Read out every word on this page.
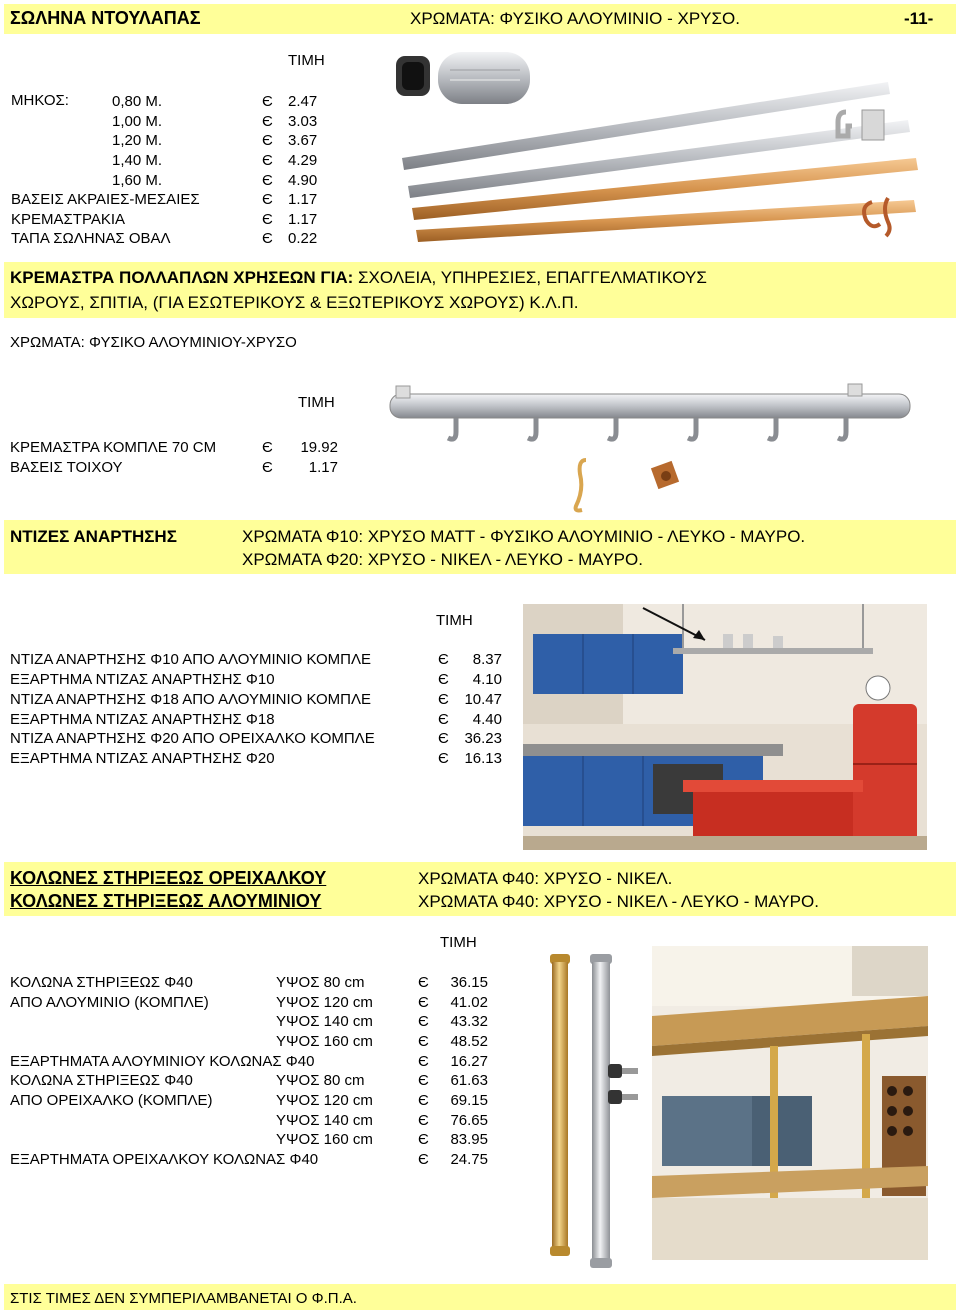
ΣΩΛΗΝΑ ΝΤΟΥΛΑΠΑΣ	ΧΡΩΜΑΤΑ: ΦΥΣΙΚΟ ΑΛΟΥΜΙΝΙΟ - ΧΡΥΣΟ.	-11-
ΤΙΜΗ
ΜΗΚΟΣ:	0,80 Μ.	Є 2.47
1,00 Μ.	Є 3.03
1,20 Μ.	Є 3.67
1,40 Μ.	Є 4.29
1,60 Μ.	Є 4.90
ΒΑΣΕΙΣ ΑΚΡΑΙΕΣ-ΜΕΣΑΙΕΣ	Є 1.17
ΚΡΕΜΑΣΤΡΑΚΙΑ	Є 1.17
ΤΑΠΑ ΣΩΛΗΝΑΣ ΟΒΑΛ	Є 0.22
ΚΡΕΜΑΣΤΡΑ ΠΟΛΛΑΠΛΩΝ ΧΡΗΣΕΩΝ ΓΙΑ: ΣΧΟΛΕΙΑ, ΥΠΗΡΕΣΙΕΣ, ΕΠΑΓΓΕΛΜΑΤΙΚΟΥΣ
ΧΩΡΟΥΣ, ΣΠΙΤΙΑ, (ΓΙΑ ΕΣΩΤΕΡΙΚΟΥΣ & ΕΞΩΤΕΡΙΚΟΥΣ ΧΩΡΟΥΣ) Κ.Λ.Π.
ΧΡΩΜΑΤΑ: ΦΥΣΙΚΟ ΑΛΟΥΜΙΝΙΟΥ-ΧΡΥΣΟ
ΤΙΜΗ
ΚΡΕΜΑΣΤΡΑ ΚΟΜΠΛΕ 70 CM	Є	19.92
ΒΑΣΕΙΣ ΤΟΙΧΟΥ	Є	1.17
ΝΤΙΖΕΣ ΑΝΑΡΤΗΣΗΣ	ΧΡΩΜΑΤΑ Φ10: ΧΡΥΣΟ ΜΑΤΤ - ΦΥΣΙΚΟ ΑΛΟΥΜΙΝΙΟ - ΛΕΥΚΟ - ΜΑΥΡΟ.
ΧΡΩΜΑΤΑ Φ20: ΧΡΥΣΟ - ΝΙΚΕΛ - ΛΕΥΚΟ - ΜΑΥΡΟ.
ΤΙΜΗ
ΝΤΙΖΑ ΑΝΑΡΤΗΣΗΣ Φ10 ΑΠΟ ΑΛΟΥΜΙΝΙΟ ΚΟΜΠΛΕ	Є	8.37
ΕΞΑΡΤΗΜΑ ΝΤΙΖΑΣ ΑΝΑΡΤΗΣΗΣ Φ10	Є	4.10
ΝΤΙΖΑ ΑΝΑΡΤΗΣΗΣ Φ18 ΑΠΟ ΑΛΟΥΜΙΝΙΟ ΚΟΜΠΛΕ	Є	10.47
ΕΞΑΡΤΗΜΑ ΝΤΙΖΑΣ ΑΝΑΡΤΗΣΗΣ Φ18	Є	4.40
ΝΤΙΖΑ ΑΝΑΡΤΗΣΗΣ Φ20 ΑΠΟ ΟΡΕΙΧΑΛΚΟ ΚΟΜΠΛΕ	Є	36.23
ΕΞΑΡΤΗΜΑ ΝΤΙΖΑΣ ΑΝΑΡΤΗΣΗΣ Φ20	Є	16.13
ΚΟΛΩΝΕΣ ΣΤΗΡΙΞΕΩΣ ΟΡΕΙΧΑΛΚΟΥ
ΚΟΛΩΝΕΣ ΣΤΗΡΙΞΕΩΣ ΑΛΟΥΜΙΝΙΟΥ
ΧΡΩΜΑΤΑ Φ40: ΧΡΥΣΟ - ΝΙΚΕΛ.
ΧΡΩΜΑΤΑ Φ40: ΧΡΥΣΟ - ΝΙΚΕΛ - ΛΕΥΚΟ - ΜΑΥΡΟ.
ΤΙΜΗ
ΚΟΛΩΝΑ ΣΤΗΡΙΞΕΩΣ Φ40	ΥΨΟΣ 80 cm	Є	36.15
ΑΠΟ ΑΛΟΥΜΙΝΙΟ (ΚΟΜΠΛΕ)	ΥΨΟΣ 120 cm	Є	41.02
ΥΨΟΣ 140 cm	Є	43.32
ΥΨΟΣ 160 cm	Є	48.52
ΕΞΑΡΤΗΜΑΤΑ ΑΛΟΥΜΙΝΙΟΥ ΚΟΛΩΝΑΣ Φ40	Є	16.27
ΚΟΛΩΝΑ ΣΤΗΡΙΞΕΩΣ Φ40	ΥΨΟΣ 80 cm	Є	61.63
ΑΠΟ ΟΡΕΙΧΑΛΚΟ (ΚΟΜΠΛΕ)	ΥΨΟΣ 120 cm	Є	69.15
ΥΨΟΣ 140 cm	Є	76.65
ΥΨΟΣ 160 cm	Є	83.95
ΕΞΑΡΤΗΜΑΤΑ ΟΡΕΙΧΑΛΚΟΥ ΚΟΛΩΝΑΣ Φ40	Є	24.75
ΣΤΙΣ ΤΙΜΕΣ ΔΕΝ ΣΥΜΠΕΡΙΛΑΜΒΑΝΕΤΑΙ Ο Φ.Π.Α.
